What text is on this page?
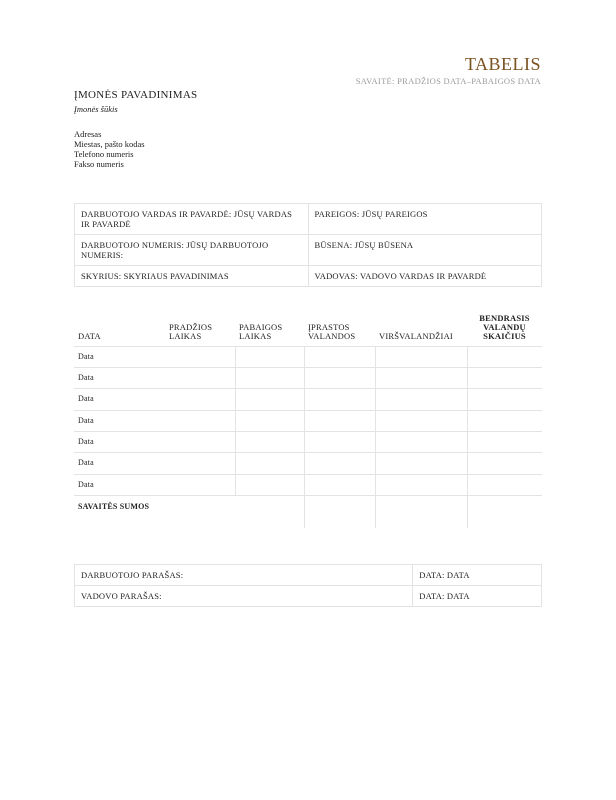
TABELIS
SAVAITĖ: PRADŽIOS DATA–PABAIGOS DATA
ĮMONĖS PAVADINIMAS
Įmonės šūkis
Adresas
Miestas, pašto kodas
Telefono numeris
Fakso numeris
DARBUOTOJO VARDAS IR PAVARDĖ: JŪSŲ VARDAS IR PAVARDĖ	PAREIGOS: JŪSŲ PAREIGOS
DARBUOTOJO NUMERIS: JŪSŲ DARBUOTOJO NUMERIS:	BŪSENA: JŪSŲ BŪSENA
SKYRIUS: SKYRIAUS PAVADINIMAS	VADOVAS: VADOVO VARDAS IR PAVARDĖ
DATA	PRADŽIOS LAIKAS	PABAIGOS LAIKAS	ĮPRASTOS VALANDOS	VIRŠVALANDŽIAI	BENDRASIS VALANDŲ SKAIČIUS
Data					
Data					
Data					
Data					
Data					
Data					
Data					
SAVAITĖS SUMOS					
DARBUOTOJO PARAŠAS:	DATA: DATA
VADOVO PARAŠAS:	DATA: DATA
